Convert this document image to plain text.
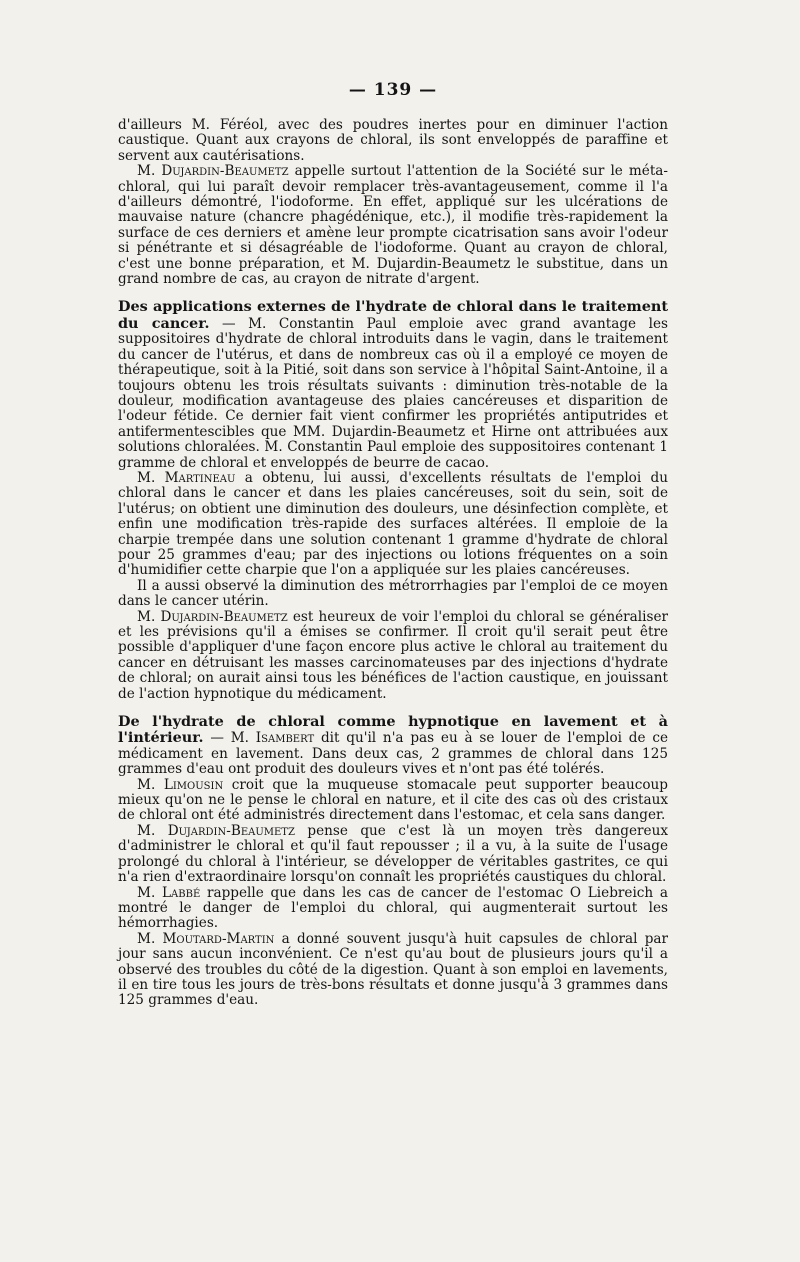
— 139 —

d'ailleurs M. Féréol, avec des poudres inertes pour en diminuer l'action caustique. Quant aux crayons de chloral, ils sont enveloppés de paraffine et servent aux cautérisations.

M. Dujardin-Beaumetz appelle surtout l'attention de la Société sur le méta-chloral, qui lui paraît devoir remplacer très-avantageusement, comme il l'a d'ailleurs démontré, l'iodoforme. En effet, appliqué sur les ulcérations de mauvaise nature (chancre phagédénique, etc.), il modifie très-rapidement la surface de ces derniers et amène leur prompte cicatrisation sans avoir l'odeur si pénétrante et si désagréable de l'iodoforme. Quant au crayon de chloral, c'est une bonne préparation, et M. Dujardin-Beaumetz le substitue, dans un grand nombre de cas, au crayon de nitrate d'argent.

Des applications externes de l'hydrate de chloral dans le traitement du cancer. — M. Constantin Paul emploie avec grand avantage les suppositoires d'hydrate de chloral introduits dans le vagin, dans le traitement du cancer de l'utérus, et dans de nombreux cas où il a employé ce moyen de thérapeutique, soit à la Pitié, soit dans son service à l'hôpital Saint-Antoine, il a toujours obtenu les trois résultats suivants : diminution très-notable de la douleur, modification avantageuse des plaies cancéreuses et disparition de l'odeur fétide. Ce dernier fait vient confirmer les propriétés antiputrides et antifermentescibles que MM. Dujardin-Beaumetz et Hirne ont attribuées aux solutions chloralées. M. Constantin Paul emploie des suppositoires contenant 1 gramme de chloral et enveloppés de beurre de cacao.

M. Martineau a obtenu, lui aussi, d'excellents résultats de l'emploi du chloral dans le cancer et dans les plaies cancéreuses, soit du sein, soit de l'utérus; on obtient une diminution des douleurs, une désinfection complète, et enfin une modification très-rapide des surfaces altérées. Il emploie de la charpie trempée dans une solution contenant 1 gramme d'hydrate de chloral pour 25 grammes d'eau; par des injections ou lotions fréquentes on a soin d'humidifier cette charpie que l'on a appliquée sur les plaies cancéreuses.

Il a aussi observé la diminution des métrorrhagies par l'emploi de ce moyen dans le cancer utérin.

M. Dujardin-Beaumetz est heureux de voir l'emploi du chloral se généraliser et les prévisions qu'il a émises se confirmer. Il croit qu'il serait peut être possible d'appliquer d'une façon encore plus active le chloral au traitement du cancer en détruisant les masses carcinomateuses par des injections d'hydrate de chloral; on aurait ainsi tous les bénéfices de l'action caustique, en jouissant de l'action hypnotique du médicament.

De l'hydrate de chloral comme hypnotique en lavement et à l'intérieur. — M. Isambert dit qu'il n'a pas eu à se louer de l'emploi de ce médicament en lavement. Dans deux cas, 2 grammes de chloral dans 125 grammes d'eau ont produit des douleurs vives et n'ont pas été tolérés.

M. Limousin croit que la muqueuse stomacale peut supporter beaucoup mieux qu'on ne le pense le chloral en nature, et il cite des cas où des cristaux de chloral ont été administrés directement dans l'estomac, et cela sans danger.

M. Dujardin-Beaumetz pense que c'est là un moyen très dangereux d'administrer le chloral et qu'il faut repousser ; il a vu, à la suite de l'usage prolongé du chloral à l'intérieur, se développer de véritables gastrites, ce qui n'a rien d'extraordinaire lorsqu'on connaît les propriétés caustiques du chloral.

M. Labbé rappelle que dans les cas de cancer de l'estomac O Liebreich a montré le danger de l'emploi du chloral, qui augmenterait surtout les hémorrhagies.

M. Moutard-Martin a donné souvent jusqu'à huit capsules de chloral par jour sans aucun inconvénient. Ce n'est qu'au bout de plusieurs jours qu'il a observé des troubles du côté de la digestion. Quant à son emploi en lavements, il en tire tous les jours de très-bons résultats et donne jusqu'à 3 grammes dans 125 grammes d'eau.
